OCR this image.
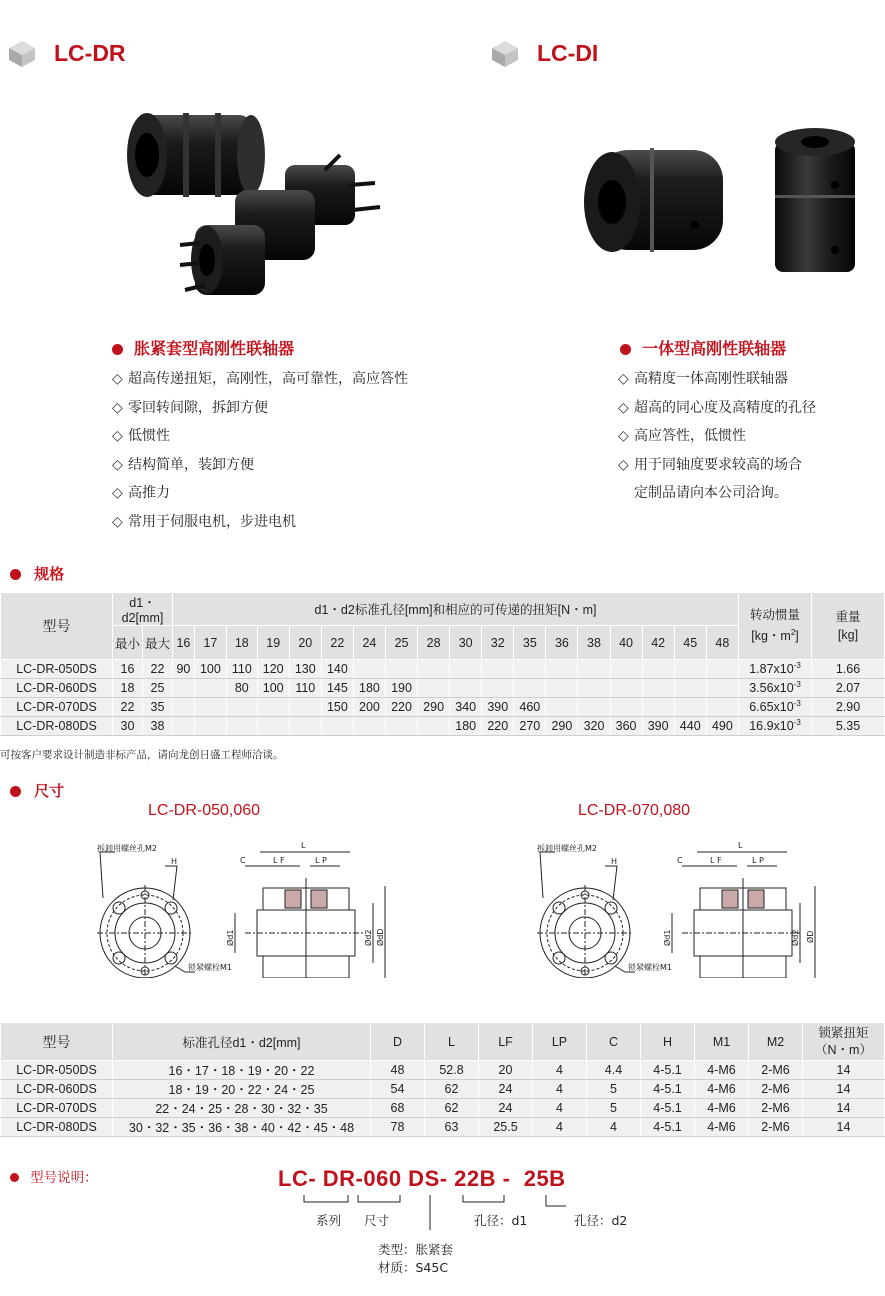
LC-DR	LC-DI
胀紧套型高刚性联轴器
◇ 超高传递扭矩，高刚性，高可靠性，高应答性
◇ 零回转间隙，拆卸方便
◇ 低惯性
◇ 结构简单，装卸方便
◇ 高推力
◇ 常用于伺服电机，步进电机
一体型高刚性联轴器
◇ 高精度一体高刚性联轴器
◇ 超高的同心度及高精度的孔径
◇ 高应答性，低惯性
◇ 用于同轴度要求较高的场合
定制品请向本公司洽询。
规格
型号	d1・d2[mm]		d1・d2标准孔径[mm]和相应的可传递的扭矩[N・m]																		转动惯量
[kg・$m^2$]	重量
[kg]
	最小	最大	16	17	18	19	20	22	24	25	28	30	32	35	36	38	40	42	45	48		
LC-DR-050DS	16	22	90	100	110	120	130	140													$1.87x10^{-3}$	1.66
LC-DR-060DS	18	25			80	100	110	145	180	190											$3.56x10^{-3}$	2.07
LC-DR-070DS	22	35						150	200	220	290	340	390	460							$6.65x10^{-3}$	2.90
LC-DR-080DS	30	38										180	220	270	290	320	360	390	440	490	$16.9x10^{-3}$	5.35
可按客户要求设计制造非标产品，请向龙创日盛工程师洽谈。
尺寸
LC-DR-050,060	LC-DR-070,080
拆卸用螺丝孔M2
H
锁紧螺栓M1
L
C	L F	L P
Ød1	Ød2 ØdD
拆卸用螺丝孔M2
H
锁紧螺栓M1
L
C	L F	L P
Ød1	Ød2 ØD
型号	标准孔径d1・d2[mm]	D	L	LF	LP	C	H	M1	M2	锁紧扭矩
（N・m）
LC-DR-050DS	16・17・18・19・20・22	48	52.8	20	4	4.4	4-5.1	4-M6	2-M6	14
LC-DR-060DS	18・19・20・22・24・25	54	62	24	4	5	4-5.1	4-M6	2-M6	14
LC-DR-070DS	22・24・25・28・30・32・35	68	62	24	4	5	4-5.1	4-M6	2-M6	14
LC-DR-080DS	30・32・35・36・38・40・42・45・48	78	63	25.5	4	4	4-5.1	4-M6	2-M6	14
型号说明：	LC- DR-060 DS- 22B -  25B
系列 尺寸	孔径：d1	孔径：d2
类型：胀紧套
材质：S45C
